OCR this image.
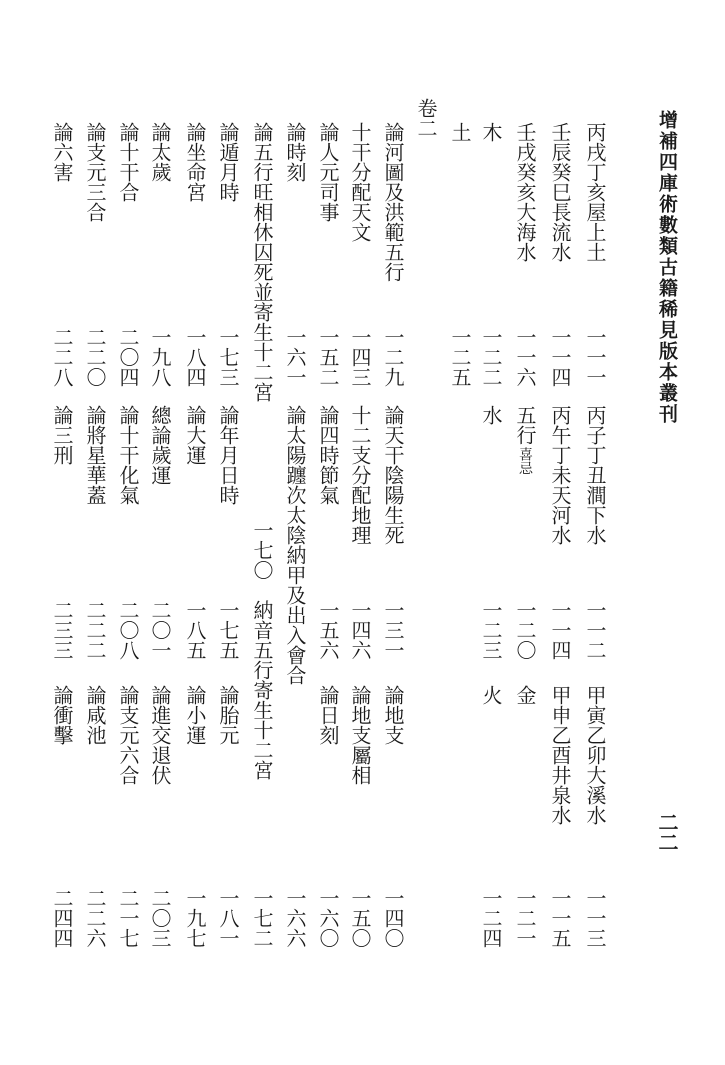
增補四庫術數類古籍稀見版本叢刊
二二
丙戌丁亥屋上土
一一一
丙子丁丑澗下水
一一二
甲寅乙卯大溪水
一一三
壬辰癸巳長流水
一一四
丙午丁未天河水
一一四
甲申乙酉井泉水
一一五
壬戌癸亥大海水
一一六
五行
喜忌
一二〇
金
一二一
木
一二二
水
一二三
火
一二四
土
一二五
卷二
論河圖及洪範五行
一二九
論天干陰陽生死
一三一
論地支
一四〇
十干分配天文
一四三
十二支分配地理
一四六
論地支屬相
一五〇
論人元司事
一五二
論四時節氣
一五六
論日刻
一六〇
論時刻
一六一
論太陽躔次太陰納甲及出入會合
一六六
論五行旺相休囚死並寄生十二宮
一七〇
納音五行寄生十二宮
一七二
論遁月時
一七三
論年月日時
一七五
論胎元
一八一
論坐命宮
一八四
論大運
一八五
論小運
一九七
論太歲
一九八
總論歲運
二〇一
論進交退伏
二〇三
論十干合
二〇四
論十干化氣
二〇八
論支元六合
二一七
論支元三合
二二〇
論將星華蓋
二二二
論咸池
二二六
論六害
二二八
論三刑
二三三
論衝擊
二四四
